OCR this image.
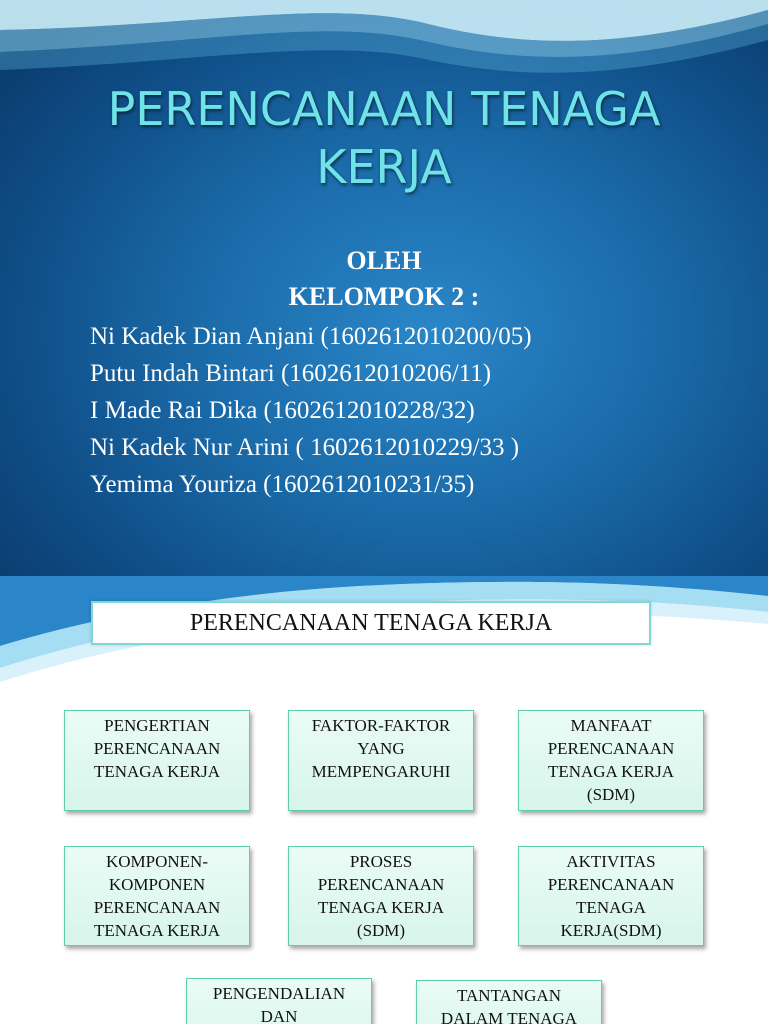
PERENCANAAN TENAGA
KERJA
OLEH
KELOMPOK 2 :
Ni Kadek Dian Anjani (1602612010200/05)
Putu Indah Bintari (1602612010206/11)
I Made Rai Dika (1602612010228/32)
Ni Kadek Nur Arini ( 1602612010229/33 )
Yemima Youriza (1602612010231/35)
PERENCANAAN TENAGA KERJA
PENGERTIAN
PERENCANAAN
TENAGA KERJA
FAKTOR-FAKTOR
YANG
MEMPENGARUHI
MANFAAT
PERENCANAAN
TENAGA KERJA
(SDM)
KOMPONEN-
KOMPONEN
PERENCANAAN
TENAGA KERJA
PROSES
PERENCANAAN
TENAGA KERJA
(SDM)
AKTIVITAS
PERENCANAAN
TENAGA
KERJA(SDM)
PENGENDALIAN
DAN
TANTANGAN
DALAM TENAGA
